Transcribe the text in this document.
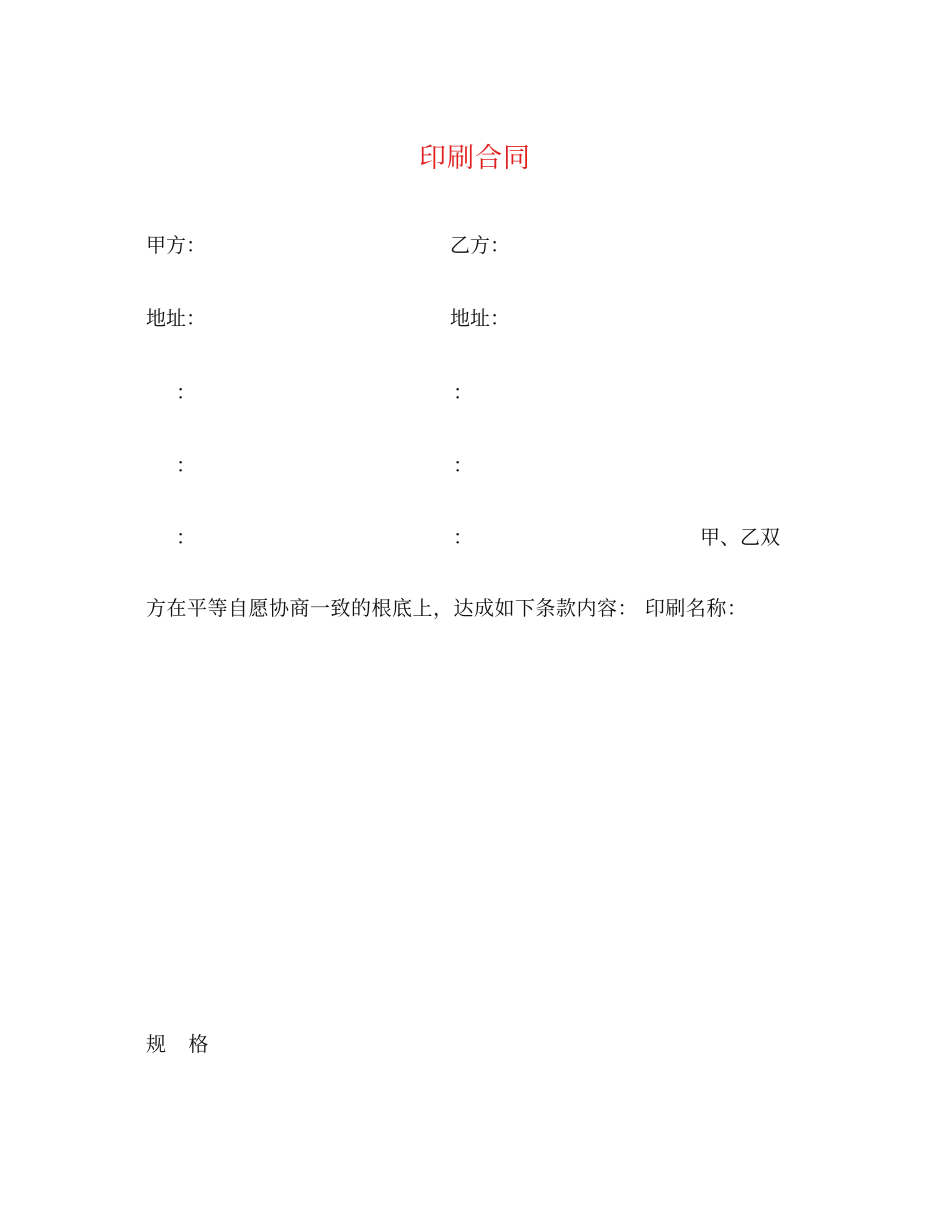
印刷合同
甲方：	乙方：
地址：	地址：
：	：
：	：
：	：	甲、乙双
方在平等自愿协商一致的根底上，达成如下条款内容： 印刷名称：
规 格
